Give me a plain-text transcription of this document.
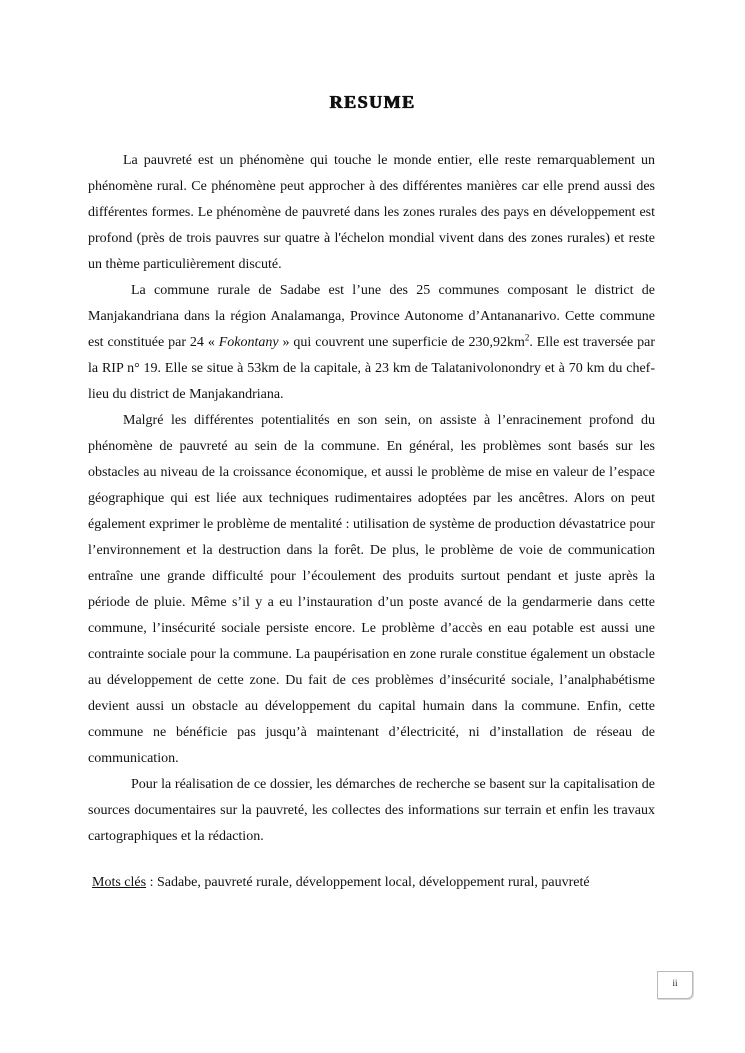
RESUME

La pauvreté est un phénomène qui touche le monde entier, elle reste remarquablement un phénomène rural. Ce phénomène peut approcher à des différentes manières car elle prend aussi des différentes formes. Le phénomène de pauvreté dans les zones rurales des pays en développement est profond (près de trois pauvres sur quatre à l'échelon mondial vivent dans des zones rurales) et reste un thème particulièrement discuté.

La commune rurale de Sadabe est l’une des 25 communes composant le district de Manjakandriana dans la région Analamanga, Province Autonome d’Antananarivo. Cette commune est constituée par 24 « Fokontany » qui couvrent une superficie de $230,92km^2$. Elle est traversée par la RIP n° 19. Elle se situe à 53km de la capitale, à 23 km de Talatanivolonondry et à 70 km du chef-lieu du district de Manjakandriana.

Malgré les différentes potentialités en son sein, on assiste à l’enracinement profond du phénomène de pauvreté au sein de la commune. En général, les problèmes sont basés sur les obstacles au niveau de la croissance économique, et aussi le problème de mise en valeur de l’espace géographique qui est liée aux techniques rudimentaires adoptées par les ancêtres. Alors on peut également exprimer le problème de mentalité : utilisation de système de production dévastatrice pour l’environnement et la destruction dans la forêt. De plus, le problème de voie de communication entraîne une grande difficulté pour l’écoulement des produits surtout pendant et juste après la période de pluie. Même s’il y a eu l’instauration d’un poste avancé de la gendarmerie dans cette commune, l’insécurité sociale persiste encore. Le problème d’accès en eau potable est aussi une contrainte sociale pour la commune. La paupérisation en zone rurale constitue également un obstacle au développement de cette zone. Du fait de ces problèmes d’insécurité sociale, l’analphabétisme devient aussi un obstacle au développement du capital humain dans la commune. Enfin, cette commune ne bénéficie pas jusqu’à maintenant d’électricité, ni d’installation de réseau de communication.

Pour la réalisation de ce dossier, les démarches de recherche se basent sur la capitalisation de sources documentaires sur la pauvreté, les collectes des informations sur terrain et enfin les travaux cartographiques et la rédaction.

Mots clés : Sadabe, pauvreté rurale, développement local, développement rural, pauvreté
ii
